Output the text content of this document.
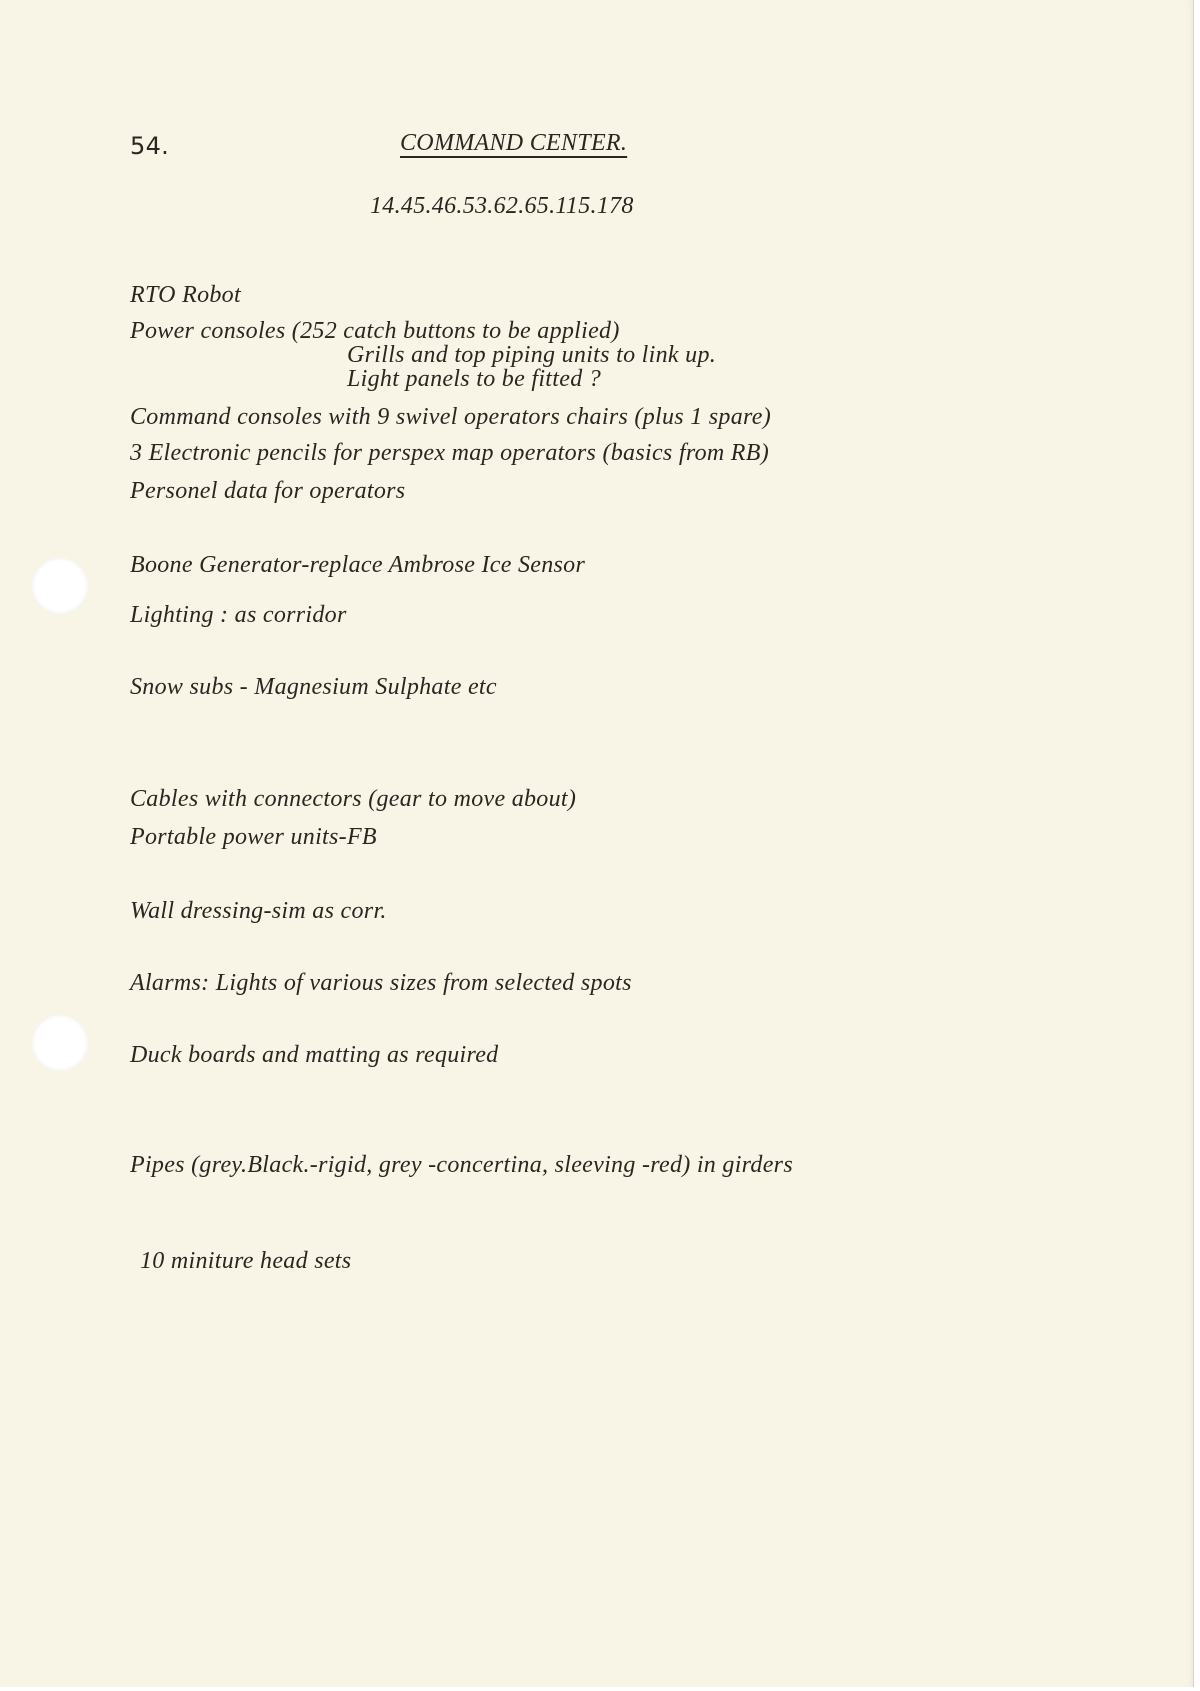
54.	COMMAND CENTER.
14.45.46.53.62.65.115.178
RTO Robot
Power consoles (252 catch buttons to be applied)
Grills and top piping units to link up.
Light panels to be fitted ?
Command consoles with 9 swivel operators chairs (plus 1 spare)
3 Electronic pencils for perspex map operators (basics from RB)
Personel data for operators
Boone Generator-replace Ambrose Ice Sensor
Lighting : as corridor
Snow subs - Magnesium Sulphate etc
Cables with connectors (gear to move about)
Portable power units-FB
Wall dressing-sim as corr.
Alarms: Lights of various sizes from selected spots
Duck boards and matting as required
Pipes (grey.Black.-rigid, grey -concertina, sleeving -red) in girders
10 miniture head sets
